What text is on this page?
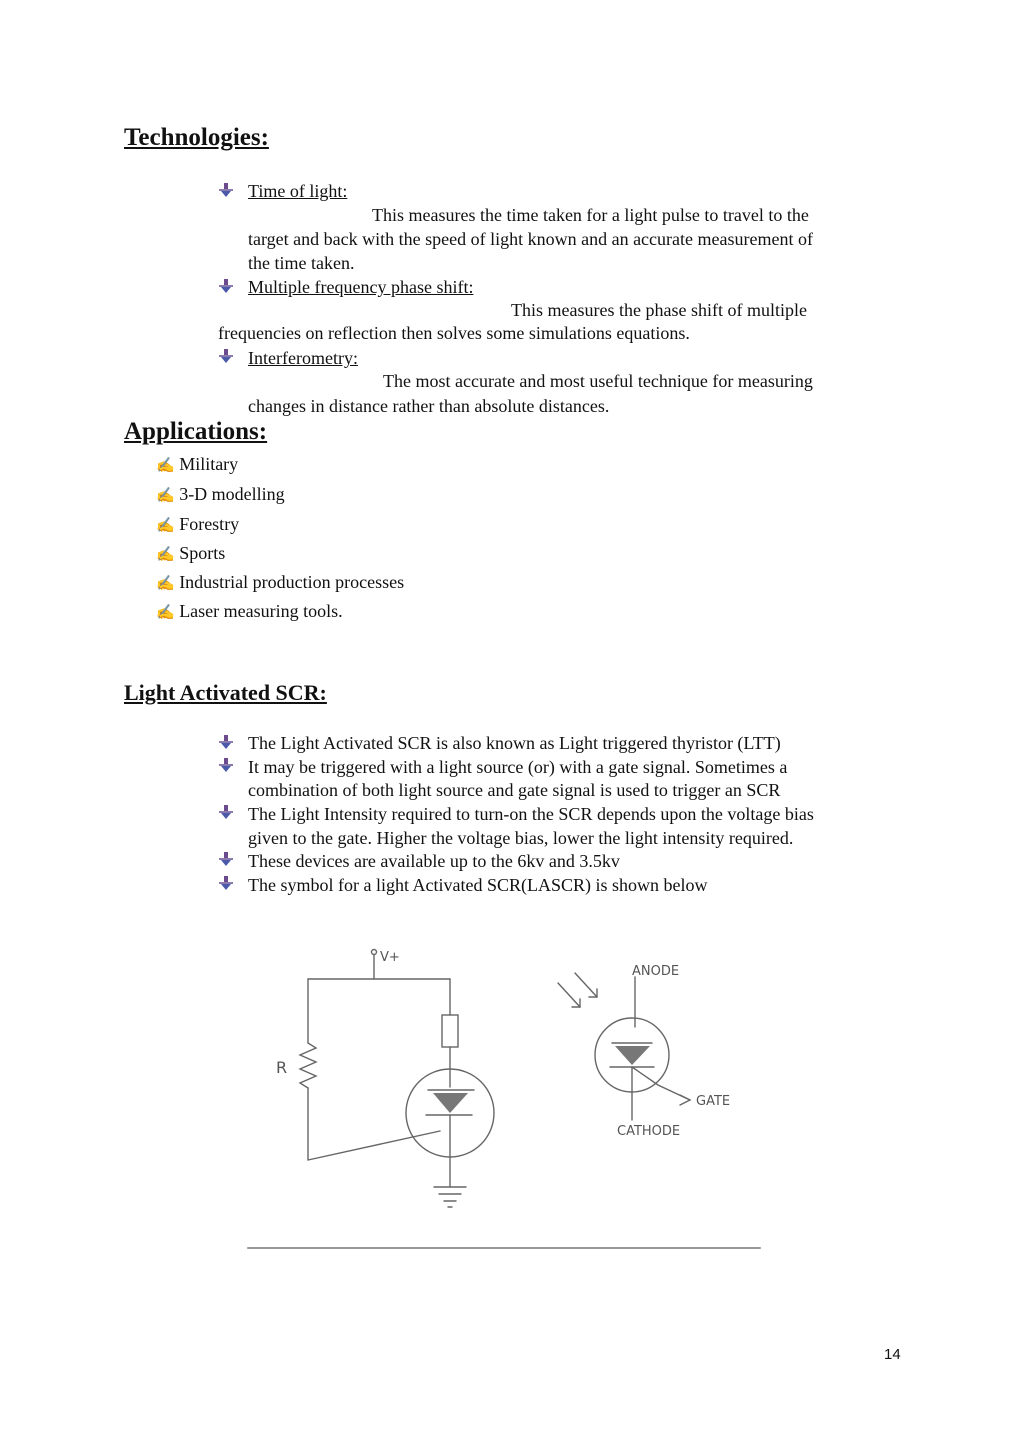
Technologies:
Time of light:
This measures the time taken for a light pulse to travel to the
target and back with the speed of light known and an accurate measurement of
the time taken.
Multiple frequency phase shift:
This measures the phase shift of multiple
frequencies on reflection then solves some simulations equations.
Interferometry:
The most accurate and most useful technique for measuring
changes in distance rather than absolute distances.
Applications:
✍ Military
✍ 3-D modelling
✍ Forestry
✍ Sports
✍ Industrial production processes
✍ Laser measuring tools.
Light Activated SCR:
The Light Activated SCR is also known as Light triggered thyristor (LTT)
It may be triggered with a light source (or) with a gate signal. Sometimes a
combination of both light source and gate signal is used to trigger an SCR
The Light Intensity required to turn-on the SCR depends upon the voltage bias
given to the gate. Higher the voltage bias, lower the light intensity required.
These devices are available up to the 6kv and 3.5kv
The symbol for a light Activated SCR(LASCR) is shown below
V+
R
ANODE
GATE
CATHODE
14
